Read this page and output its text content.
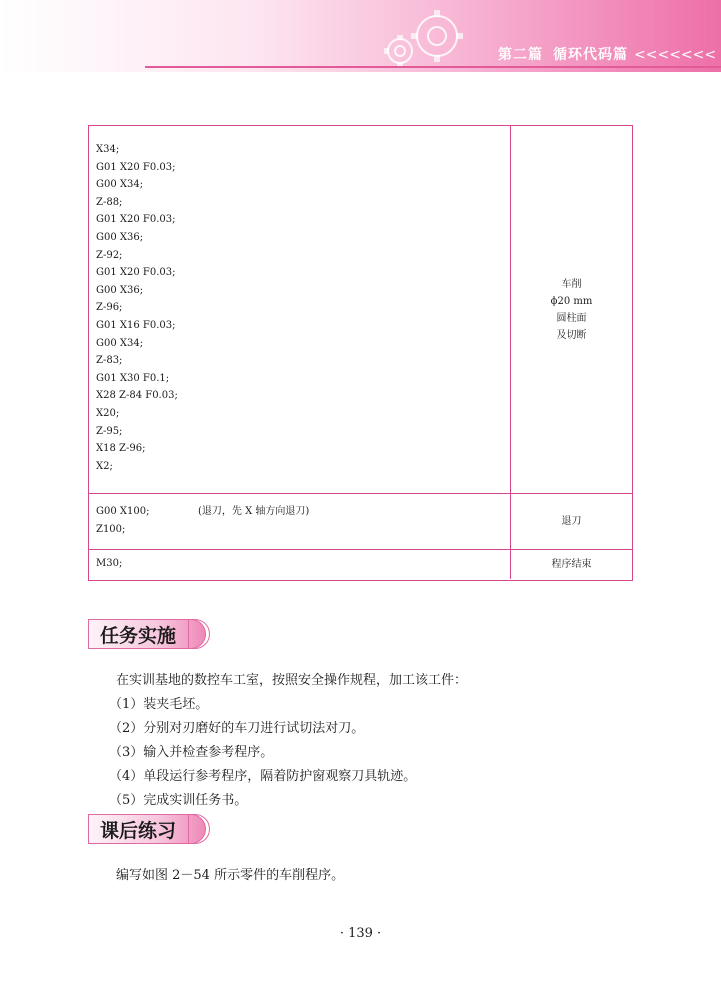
第二篇 循环代码篇 <<<<<<<
X34;
G01 X20 F0.03;
G00 X34;
Z-88;
G01 X20 F0.03;
G00 X36;
Z-92;
G01 X20 F0.03;
G00 X36;
Z-96;
G01 X16 F0.03;
G00 X34;
Z-83;
G01 X30 F0.1;
X28 Z-84 F0.03;
X20;
Z-95;
X18 Z-96;
X2;
车削
ϕ20 mm
圆柱面
及切断
G00 X100;	(退刀，先 X 轴方向退刀)
Z100;
退刀
M30;	程序结束
任务实施
在实训基地的数控车工室，按照安全操作规程，加工该工件：
（1）装夹毛坯。
（2）分别对刃磨好的车刀进行试切法对刀。
（3）输入并检查参考程序。
（4）单段运行参考程序，隔着防护窗观察刀具轨迹。
（5）完成实训任务书。
课后练习
编写如图 2－54 所示零件的车削程序。
· 139 ·
